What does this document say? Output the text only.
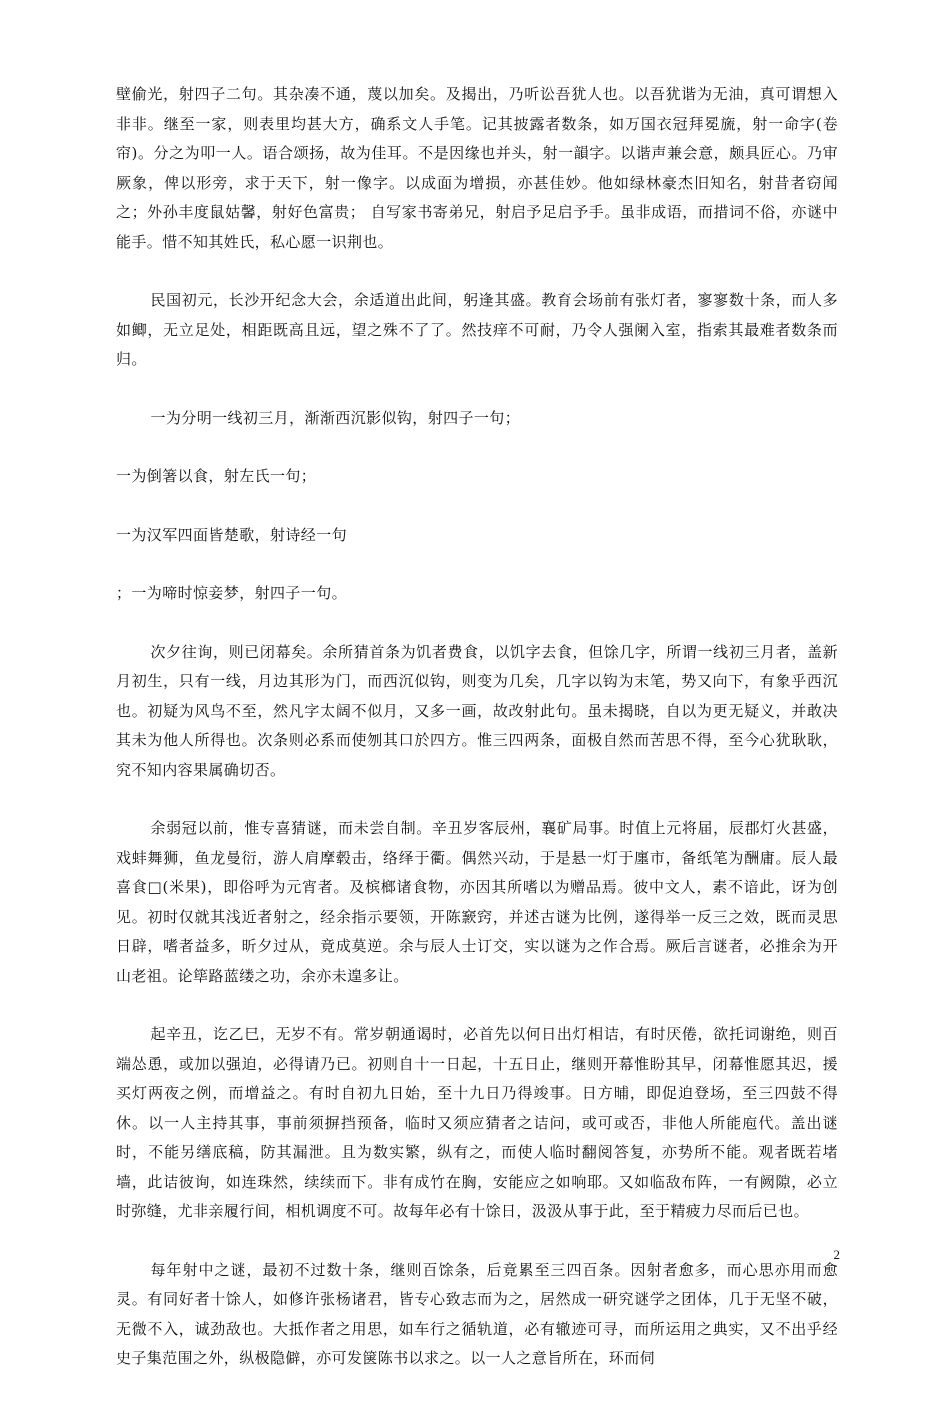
壁偷光，射四子二句。其杂凑不通，蔑以加矣。及揭出，乃听讼吾犹人也。以吾犹谐为无油，真可谓想入非非。继至一家，则表里均甚大方，确系文人手笔。记其披露者数条，如万国衣冠拜冕旒，射一命字(卷帘)。分之为叩一人。语合颂扬，故为佳耳。不是因缘也并头，射一韻字。以谐声兼会意，颇具匠心。乃审厥象，俾以形旁，求于天下，射一像字。以成面为增损，亦甚佳妙。他如绿林豪杰旧知名，射昔者窃闻之；外孙丰度鼠姑馨，射好色富贵； 自写家书寄弟兄，射启予足启予手。虽非成语，而措词不俗，亦谜中能手。惜不知其姓氏，私心愿一识荆也。

民国初元，长沙开纪念大会，余适道出此间，躬逢其盛。教育会场前有张灯者，寥寥数十条，而人多如鲫，无立足处，相距既高且远，望之殊不了了。然技痒不可耐，乃令人强阑入室，指索其最难者数条而归。

一为分明一线初三月，渐渐西沉影似钩，射四子一句；

一为倒箸以食，射左氏一句；

一为汉军四面皆楚歌，射诗经一句

；一为啼时惊妾梦，射四子一句。

次夕往询，则已闭幕矣。余所猜首条为饥者费食，以饥字去食，但馀几字，所谓一线初三月者，盖新月初生，只有一线，月边其形为门，而西沉似钩，则变为几矣，几字以钩为末笔，势又向下，有象乎西沉也。初疑为风鸟不至，然凡字太阔不似月，又多一画，故改射此句。虽未揭晓，自以为更无疑义，并敢决其未为他人所得也。次条则必系而使刎其口於四方。惟三四两条，面极自然而苦思不得，至今心犹耿耿，究不知内容果属确切否。

余弱冠以前，惟专喜猜谜，而未尝自制。辛丑岁客辰州，襄矿局事。时值上元将届，辰郡灯火甚盛，戏蚌舞狮，鱼龙曼衍，游人肩摩毂击，络绎于衢。偶然兴动，于是悬一灯于廛市，备纸笔为酬庸。辰人最喜食□(米果)，即俗呼为元宵者。及槟榔诸食物，亦因其所嗜以为赠品焉。彼中文人，素不谙此，讶为创见。初时仅就其浅近者射之，经余指示要领，开陈窾窍，并述古谜为比例，遂得举一反三之效，既而灵思日辟，嗜者益多，昕夕过从，竟成莫逆。余与辰人士订交，实以谜为之作合焉。厥后言谜者，必推余为开山老祖。论筚路蓝缕之功，余亦未遑多让。

起辛丑，讫乙巳，无岁不有。常岁朝通谒时，必首先以何日出灯相诘，有时厌倦，欲托词谢绝，则百端怂恿，或加以强迫，必得请乃已。初则自十一日起，十五日止，继则开幕惟盼其早，闭幕惟愿其迟，援买灯两夜之例，而增益之。有时自初九日始，至十九日乃得竣事。日方晡，即促迫登场，至三四鼓不得休。以一人主持其事，事前须摒挡预备，临时又须应猜者之诘问，或可或否，非他人所能庖代。盖出谜时，不能另缮底稿，防其漏泄。且为数实繁，纵有之，而使人临时翻阅答复，亦势所不能。观者既若堵墙，此诘彼询，如连珠然，续续而下。非有成竹在胸，安能应之如响耶。又如临敌布阵，一有阙隙，必立时弥缝，尤非亲履行间，相机调度不可。故每年必有十馀日，汲汲从事于此，至于精疲力尽而后已也。

每年射中之谜，最初不过数十条，继则百馀条，后竟累至三四百条。因射者愈多，而心思亦用而愈灵。有同好者十馀人，如修许张杨诸君，皆专心致志而为之，居然成一研究谜学之团体，几于无坚不破，无微不入，诚劲敌也。大抵作者之用思，如车行之循轨道，必有辙迹可寻，而所运用之典实，又不出乎经史子集范围之外，纵极隐僻，亦可发箧陈书以求之。以一人之意旨所在，环而伺

2
